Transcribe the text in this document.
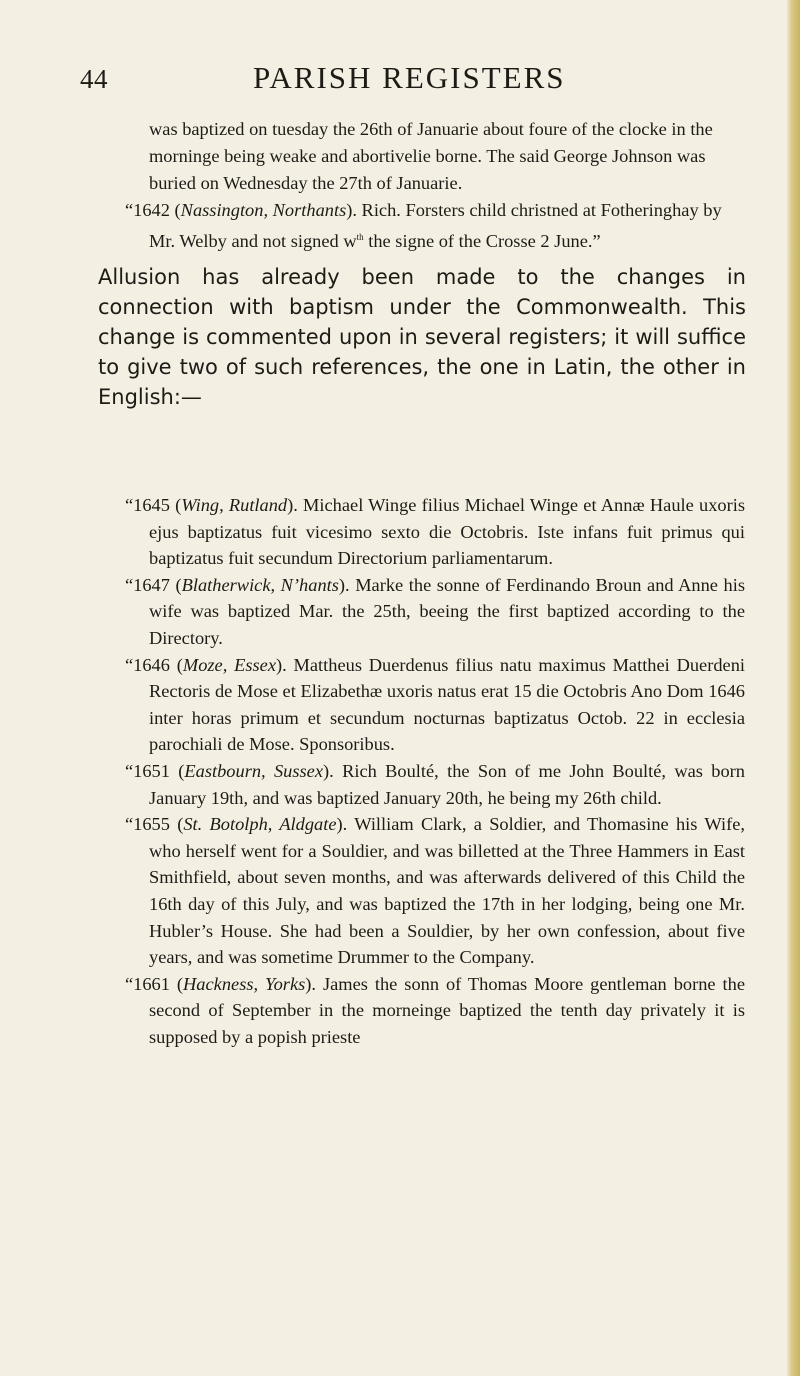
44	PARISH REGISTERS

was baptized on tuesday the 26th of Januarie about foure of the clocke in the morninge being weake and abortivelie borne. The said George Johnson was buried on Wednesday the 27th of Januarie.

“1642 (Nassington, Northants). Rich. Forsters child christned at Fotheringhay by Mr. Welby and not signed $w^{th}$ the signe of the Crosse 2 June.”

Allusion has already been made to the changes in connection with baptism under the Commonwealth. This change is commented upon in several registers; it will suffice to give two of such references, the one in Latin, the other in English:—

“1645 (Wing, Rutland). Michael Winge filius Michael Winge et Annæ Haule uxoris ejus baptizatus fuit vicesimo sexto die Octobris. Iste infans fuit primus qui baptizatus fuit secundum Directorium parliamentarum.

“1647 (Blatherwick, N’hants). Marke the sonne of Ferdinando Broun and Anne his wife was baptized Mar. the 25th, beeing the first baptized according to the Directory.

“1646 (Moze, Essex). Mattheus Duerdenus filius natu maximus Matthei Duerdeni Rectoris de Mose et Elizabethæ uxoris natus erat 15 die Octobris Ano Dom 1646 inter horas primum et secundum nocturnas baptizatus Octob. 22 in ecclesia parochiali de Mose. Sponsoribus.

“1651 (Eastbourn, Sussex). Rich Boulté, the Son of me John Boulté, was born January 19th, and was baptized January 20th, he being my 26th child.

“1655 (St. Botolph, Aldgate). William Clark, a Soldier, and Thomasine his Wife, who herself went for a Souldier, and was billetted at the Three Hammers in East Smithfield, about seven months, and was afterwards delivered of this Child the 16th day of this July, and was baptized the 17th in her lodging, being one Mr. Hubler’s House. She had been a Souldier, by her own confession, about five years, and was sometime Drummer to the Company.

“1661 (Hackness, Yorks). James the sonn of Thomas Moore gentleman borne the second of September in the morneinge baptized the tenth day privately it is supposed by a popish prieste
